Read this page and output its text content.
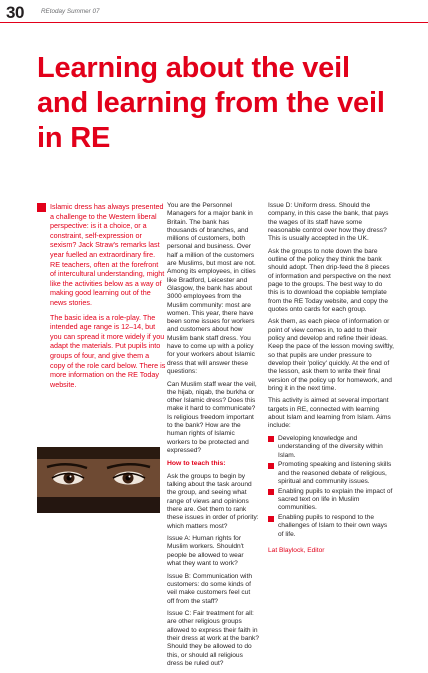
30	REtoday Summer 07
Learning about the veil and learning from the veil in RE

Islamic dress has always presented a challenge to the Western liberal perspective: is it a choice, or a constraint, self-expression or sexism? Jack Straw's remarks last year fuelled an extraordinary fire. RE teachers, often at the forefront of intercultural understanding, might like the activities below as a way of making good learning out of the news stories.

The basic idea is a role-play. The intended age range is 12–14, but you can spread it more widely if you adapt the materials. Put pupils into groups of four, and give them a copy of the role card below. There is more information on the RE Today website.

You are the Personnel Managers for a major bank in Britain. The bank has thousands of branches, and millions of customers, both personal and business. Over half a million of the customers are Muslims, but most are not. Among its employees, in cities like Bradford, Leicester and Glasgow, the bank has about 3000 employees from the Muslim community: most are women. This year, there have been some issues for workers and customers about how Muslim bank staff dress. You have to come up with a policy for your workers about Islamic dress that will answer these questions:

Can Muslim staff wear the veil, the hijab, niqab, the burkha or other Islamic dress? Does this make it hard to communicate? Is religious freedom important to the bank? How are the human rights of Islamic workers to be protected and expressed?

How to teach this:

Ask the groups to begin by talking about the task around the group, and seeing what range of views and opinions there are. Get them to rank these issues in order of priority: which matters most?

Issue A: Human rights for Muslim workers. Shouldn't people be allowed to wear what they want to work?

Issue B: Communication with customers: do some kinds of veil make customers feel cut off from the staff?

Issue C: Fair treatment for all: are other religious groups allowed to express their faith in their dress at work at the bank? Should they be allowed to do this, or should all religious dress be ruled out?

Issue D: Uniform dress. Should the company, in this case the bank, that pays the wages of its staff have some reasonable control over how they dress? This is usually accepted in the UK.

Ask the groups to note down the bare outline of the policy they think the bank should adopt. Then drip-feed the 8 pieces of information and perspective on the next page to the groups. The best way to do this is to download the copiable template from the RE Today website, and copy the quotes onto cards for each group.

Ask them, as each piece of information or point of view comes in, to add to their policy and develop and refine their ideas. Keep the pace of the lesson moving swiftly, so that pupils are under pressure to develop their 'policy' quickly. At the end of the lesson, ask them to write their final version of the policy up for homework, and bring it in the next time.

This activity is aimed at several important targets in RE, connected with learning about Islam and learning from Islam. Aims include:

Developing knowledge and understanding of the diversity within Islam.
Promoting speaking and listening skills and the reasoned debate of religious, spiritual and community issues.
Enabling pupils to explain the impact of sacred text on life in Muslim communities.
Enabling pupils to respond to the challenges of Islam to their own ways of life.

Lat Blaylock, Editor
